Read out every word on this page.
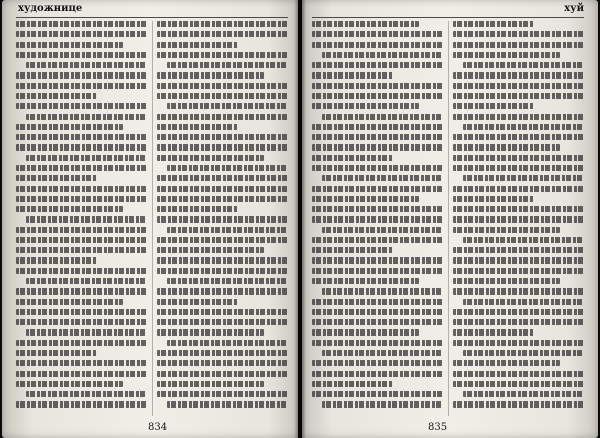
художнице
834
хуй
835
